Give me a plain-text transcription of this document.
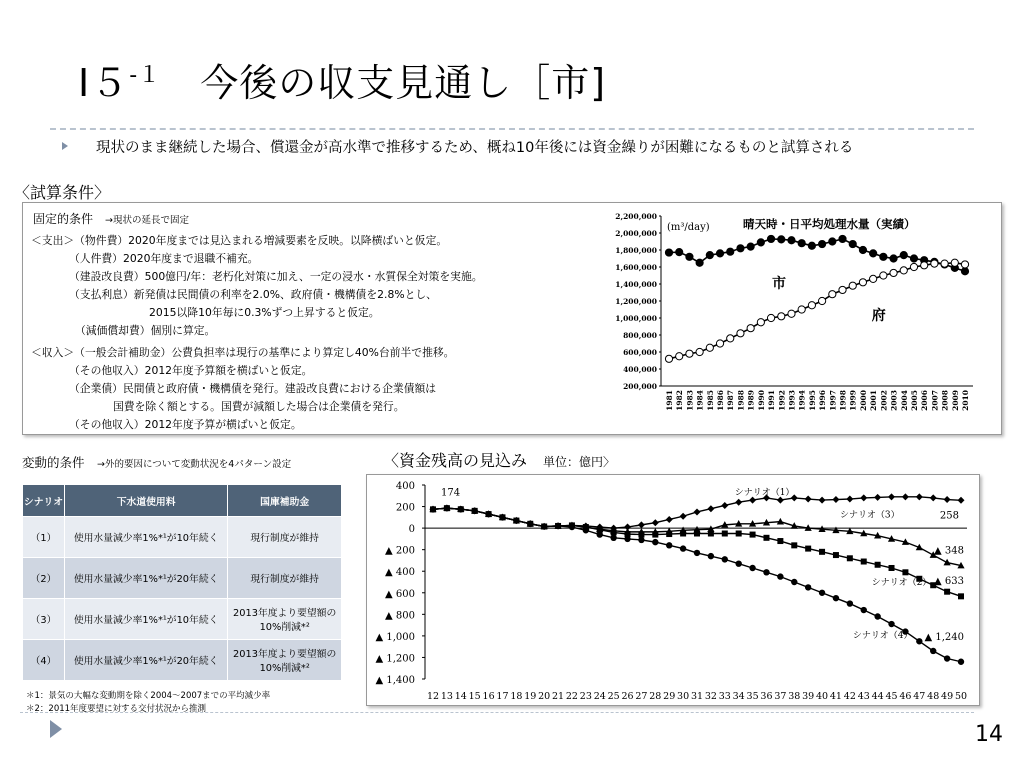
$Ⅰ5^{-1}$　 今後の収支見通し［市]
現状のまま継続した場合、償還金が高水準で推移するため、概ね10年後には資金繰りが困難になるものと試算される
〈試算条件〉
固定的条件　 →現状の延長で固定
＜支出＞（物件費）2020年度までは見込まれる増減要素を反映。以降横ばいと仮定。
（人件費）2020年度まで退職不補充。
（建設改良費）500億円/年：老朽化対策に加え、一定の浸水・水質保全対策を実施。
（支払利息）新発債は民間債の利率を2.0%、政府債・機構債を2.8%とし、
2015以降10年毎に0.3%ずつ上昇すると仮定。
（減価償却費）個別に算定。
＜収入＞（一般会計補助金）公費負担率は現行の基準により算定し40%台前半で推移。
（その他収入）2012年度予算額を横ばいと仮定。
（企業債）民間債と政府債・機構債を発行。建設改良費における企業債額は
国費を除く額とする。国費が減額した場合は企業債を発行。
（その他収入）2012年度予算が横ばいと仮定。
200,000
400,000
600,000
800,000
1,000,000
1,200,000
1,400,000
1,600,000
1,800,000
2,000,000
2,200,000
1981 1982 1983 1984 1985 1986 1987 1988 1989 1990 1991 1992 1993 1994 1995 1996 1997 1998 1999 2000 2001 2002 2003 2004 2005 2006 2007 2008 2009 2010
(m³/day)	晴天時・日平均処理水量（実績）
市
府
変動的条件　 →外的要因について変動状況を4パターン設定
シナリオ	下水道使用料	国庫補助金
（1）	使用水量減少率1%*¹が10年続く	現行制度が維持
（2）	使用水量減少率1%*¹が20年続く	現行制度が維持
（3）	使用水量減少率1%*¹が10年続く	2013年度より要望額の10%削減*²
（4）	使用水量減少率1%*¹が20年続く	2013年度より要望額の10%削減*²
＊1：景気の大幅な変動期を除く2004～2007までの平均減少率
＊2：2011年度要望に対する交付状況から推測
〈資金残高の見込み　 単位：億円〉
400
200
0
▲ 200
▲ 400
▲ 600
▲ 800
▲ 1,000
▲ 1,200
▲ 1,400
12 13 14 15 16 17 18 19 20 21 22 23 24 25 26 27 28 29 30 31 32 33 34 35 36 37 38 39 40 41 42 43 44 45 46 47 48 49 50
174	シナリオ（1）
258
シナリオ（3）
▲ 348
シナリオ（2） ▲ 633
シナリオ（4） ▲ 1,240
14
